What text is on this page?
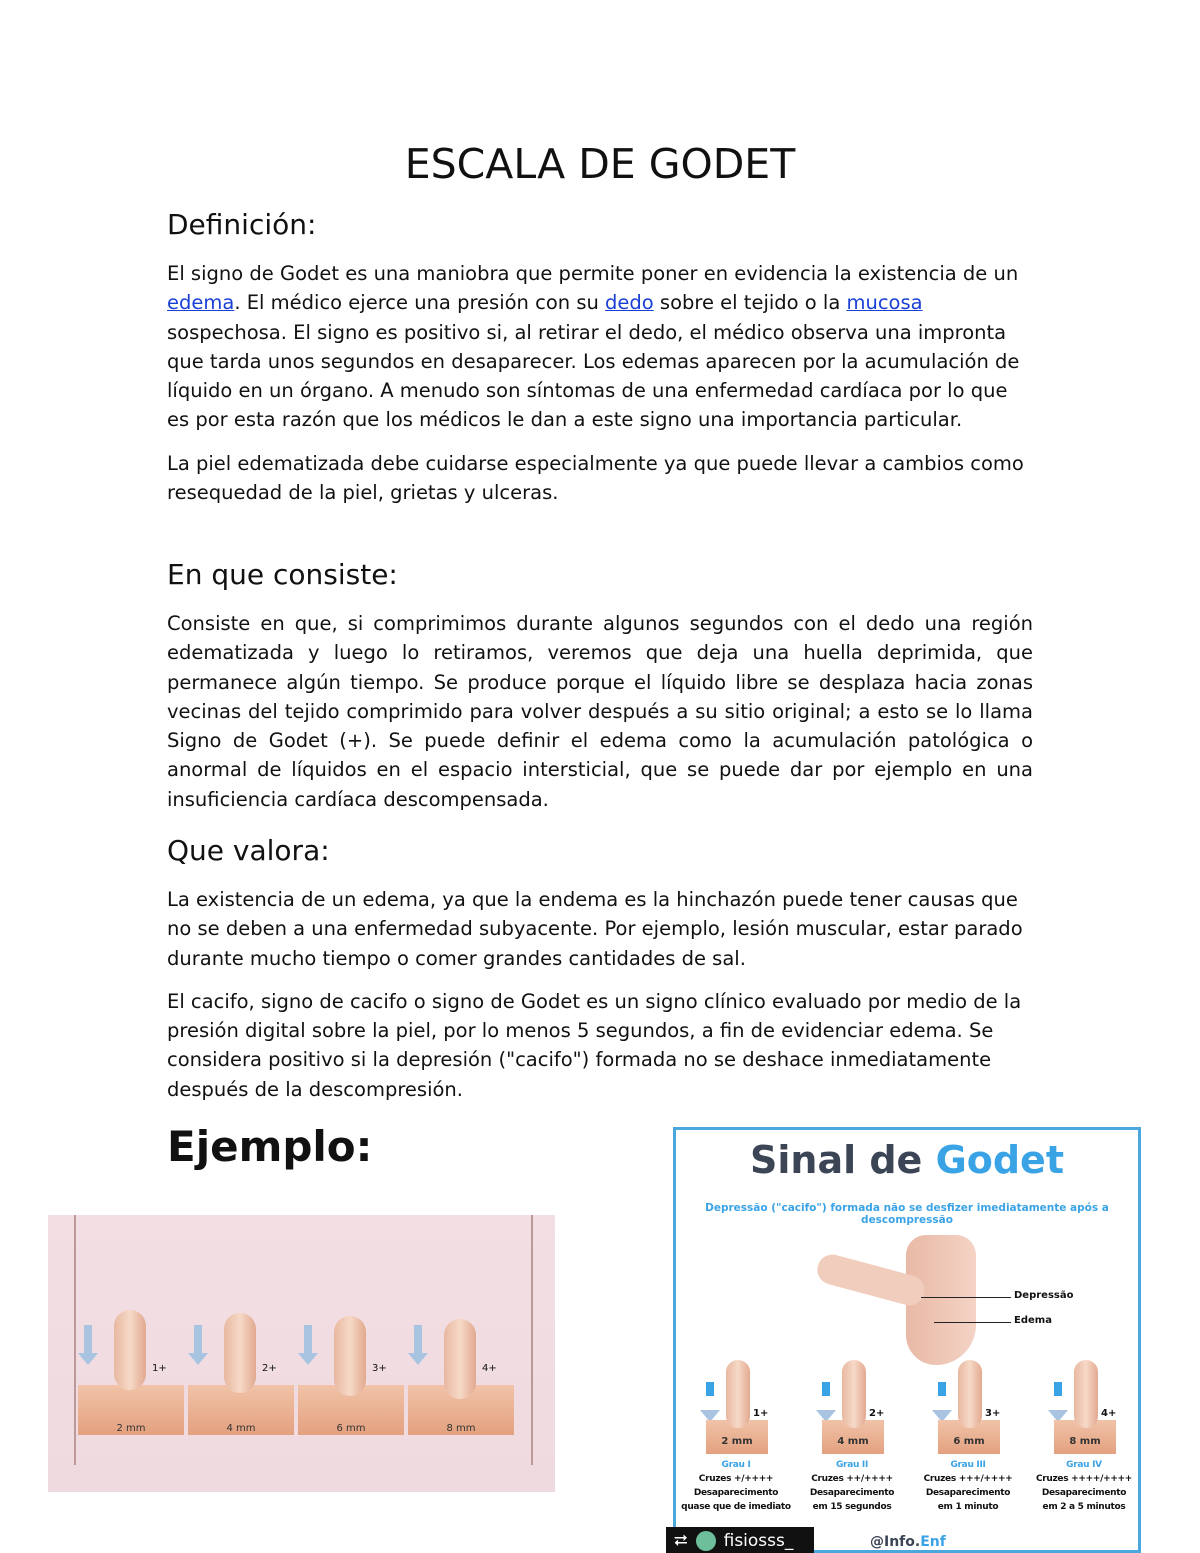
ESCALA DE GODET
Definición:

El signo de Godet es una maniobra que permite poner en evidencia la existencia de un edema. El médico ejerce una presión con su dedo sobre el tejido o la mucosa sospechosa. El signo es positivo si, al retirar el dedo, el médico observa una impronta que tarda unos segundos en desaparecer. Los edemas aparecen por la acumulación de líquido en un órgano. A menudo son síntomas de una enfermedad cardíaca por lo que es por esta razón que los médicos le dan a este signo una importancia particular.

La piel edematizada debe cuidarse especialmente ya que puede llevar a cambios como resequedad de la piel, grietas y ulceras.

En que consiste:

Consiste en que, si comprimimos durante algunos segundos con el dedo una región edematizada y luego lo retiramos, veremos que deja una huella deprimida, que permanece algún tiempo. Se produce porque el líquido libre se desplaza hacia zonas vecinas del tejido comprimido para volver después a su sitio original; a esto se lo llama Signo de Godet (+). Se puede definir el edema como la acumulación patológica o anormal de líquidos en el espacio intersticial, que se puede dar por ejemplo en una insuficiencia cardíaca descompensada.

Que valora:

La existencia de un edema, ya que la endema es la hinchazón puede tener causas que no se deben a una enfermedad subyacente. Por ejemplo, lesión muscular, estar parado durante mucho tiempo o comer grandes cantidades de sal.

El cacifo, signo de cacifo o signo de Godet es un signo clínico evaluado por medio de la presión digital sobre la piel, por lo menos 5 segundos, a fin de evidenciar edema. Se considera positivo si la depresión ("cacifo") formada no se deshace inmediatamente después de la descompresión.

Ejemplo:
1+
2 mm
2+
4 mm
3+
6 mm
4+
8 mm
Sinal de Godet
Depressão ("cacifo") formada não se desfizer imediatamente após a descompressão
Depressão
Edema
1+
2 mm
Grau I
Cruzes +/++++
Desaparecimento
quase que de imediato
2+
4 mm
Grau II
Cruzes ++/++++
Desaparecimento
em 15 segundos
3+
6 mm
Grau III
Cruzes +++/++++
Desaparecimento
em 1 minuto
4+
8 mm
Grau IV
Cruzes ++++/++++
Desaparecimento
em 2 a 5 minutos
⮂ fisiosss_	@Info.Enf
